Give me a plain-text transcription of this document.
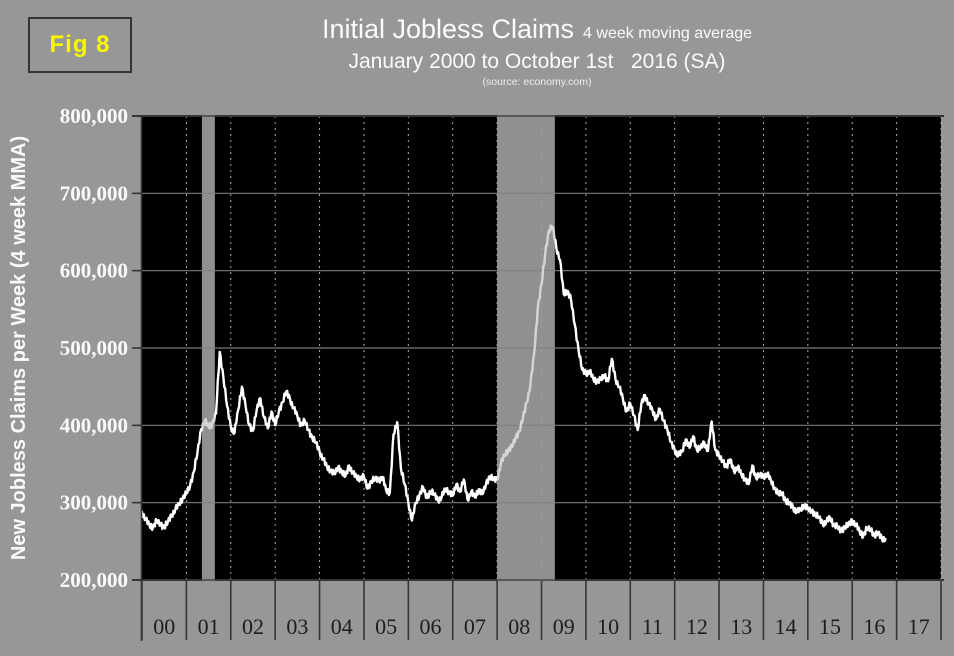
Fig 8
Initial Jobless Claims 4 week moving average
January 2000 to October 1st   2016 (SA)
(source: economy.com)
New Jobless Claims per Week (4 week MMA)
800,000
700,000
600,000
500,000
400,000
300,000
200,000
00 01 02 03 04 05 06 07 08 09 10 11 12 13 14 15 16 17
